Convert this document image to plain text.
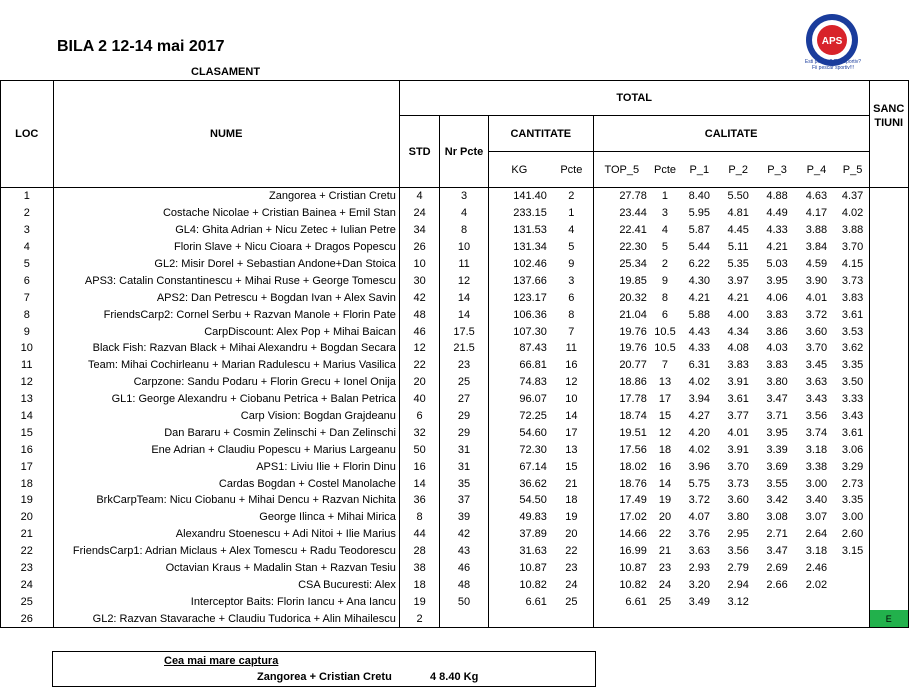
BILA 2 12-14 mai 2017
CLASAMENT
APS
Esti pescar? Esti sportiv?
Fii pescar sportiv!!!
LOC	NUME	TOTAL											SANC
TIUNI
		STD	Nr Pcte	CANTITATE		CALITATE							
				KG	Pcte	TOP_5	Pcte	P_1	P_2	P_3	P_4	P_5	
1	Zangorea + Cristian Cretu	4	3	141.40	2	27.78	1	8.40	5.50	4.88	4.63	4.37	
2	Costache Nicolae + Cristian Bainea + Emil Stan	24	4	233.15	1	23.44	3	5.95	4.81	4.49	4.17	4.02	
3	GL4: Ghita Adrian + Nicu Zetec + Iulian Petre	34	8	131.53	4	22.41	4	5.87	4.45	4.33	3.88	3.88	
4	Florin Slave + Nicu Cioara + Dragos Popescu	26	10	131.34	5	22.30	5	5.44	5.11	4.21	3.84	3.70	
5	GL2: Misir Dorel + Sebastian Andone+Dan Stoica	10	11	102.46	9	25.34	2	6.22	5.35	5.03	4.59	4.15	
6	APS3: Catalin Constantinescu + Mihai Ruse + George Tomescu	30	12	137.66	3	19.85	9	4.30	3.97	3.95	3.90	3.73	
7	APS2: Dan Petrescu + Bogdan Ivan + Alex Savin	42	14	123.17	6	20.32	8	4.21	4.21	4.06	4.01	3.83	
8	FriendsCarp2: Cornel Serbu + Razvan Manole + Florin Pate	48	14	106.36	8	21.04	6	5.88	4.00	3.83	3.72	3.61	
9	CarpDiscount: Alex Pop + Mihai Baican	46	17.5	107.30	7	19.76	10.5	4.43	4.34	3.86	3.60	3.53	
10	Black Fish: Razvan Black + Mihai Alexandru + Bogdan Secara	12	21.5	87.43	11	19.76	10.5	4.33	4.08	4.03	3.70	3.62	
11	Team: Mihai Cochirleanu + Marian Radulescu + Marius Vasilica	22	23	66.81	16	20.77	7	6.31	3.83	3.83	3.45	3.35	
12	Carpzone: Sandu Podaru + Florin Grecu + Ionel Onija	20	25	74.83	12	18.86	13	4.02	3.91	3.80	3.63	3.50	
13	GL1: George Alexandru + Ciobanu Petrica + Balan Petrica	40	27	96.07	10	17.78	17	3.94	3.61	3.47	3.43	3.33	
14	Carp Vision: Bogdan Grajdeanu	6	29	72.25	14	18.74	15	4.27	3.77	3.71	3.56	3.43	
15	Dan Bararu + Cosmin Zelinschi + Dan Zelinschi	32	29	54.60	17	19.51	12	4.20	4.01	3.95	3.74	3.61	
16	Ene Adrian + Claudiu Popescu + Marius Largeanu	50	31	72.30	13	17.56	18	4.02	3.91	3.39	3.18	3.06	
17	APS1: Liviu Ilie + Florin Dinu	16	31	67.14	15	18.02	16	3.96	3.70	3.69	3.38	3.29	
18	Cardas Bogdan + Costel Manolache	14	35	36.62	21	18.76	14	5.75	3.73	3.55	3.00	2.73	
19	BrkCarpTeam: Nicu Ciobanu + Mihai Dencu + Razvan Nichita	36	37	54.50	18	17.49	19	3.72	3.60	3.42	3.40	3.35	
20	George Ilinca + Mihai Mirica	8	39	49.83	19	17.02	20	4.07	3.80	3.08	3.07	3.00	
21	Alexandru Stoenescu + Adi Nitoi + Ilie Marius	44	42	37.89	20	14.66	22	3.76	2.95	2.71	2.64	2.60	
22	FriendsCarp1: Adrian Miclaus + Alex Tomescu + Radu Teodorescu	28	43	31.63	22	16.99	21	3.63	3.56	3.47	3.18	3.15	
23	Octavian Kraus + Madalin Stan + Razvan Tesiu	38	46	10.87	23	10.87	23	2.93	2.79	2.69	2.46		
24	CSA Bucuresti: Alex	18	48	10.82	24	10.82	24	3.20	2.94	2.66	2.02		
25	Interceptor Baits: Florin Iancu + Ana Iancu	19	50	6.61	25	6.61	25	3.49	3.12				
26	GL2: Razvan Stavarache + Claudiu Tudorica + Alin Mihailescu	2											E
Cea mai mare captura
Zangorea + Cristian Cretu	4 8.40 Kg
